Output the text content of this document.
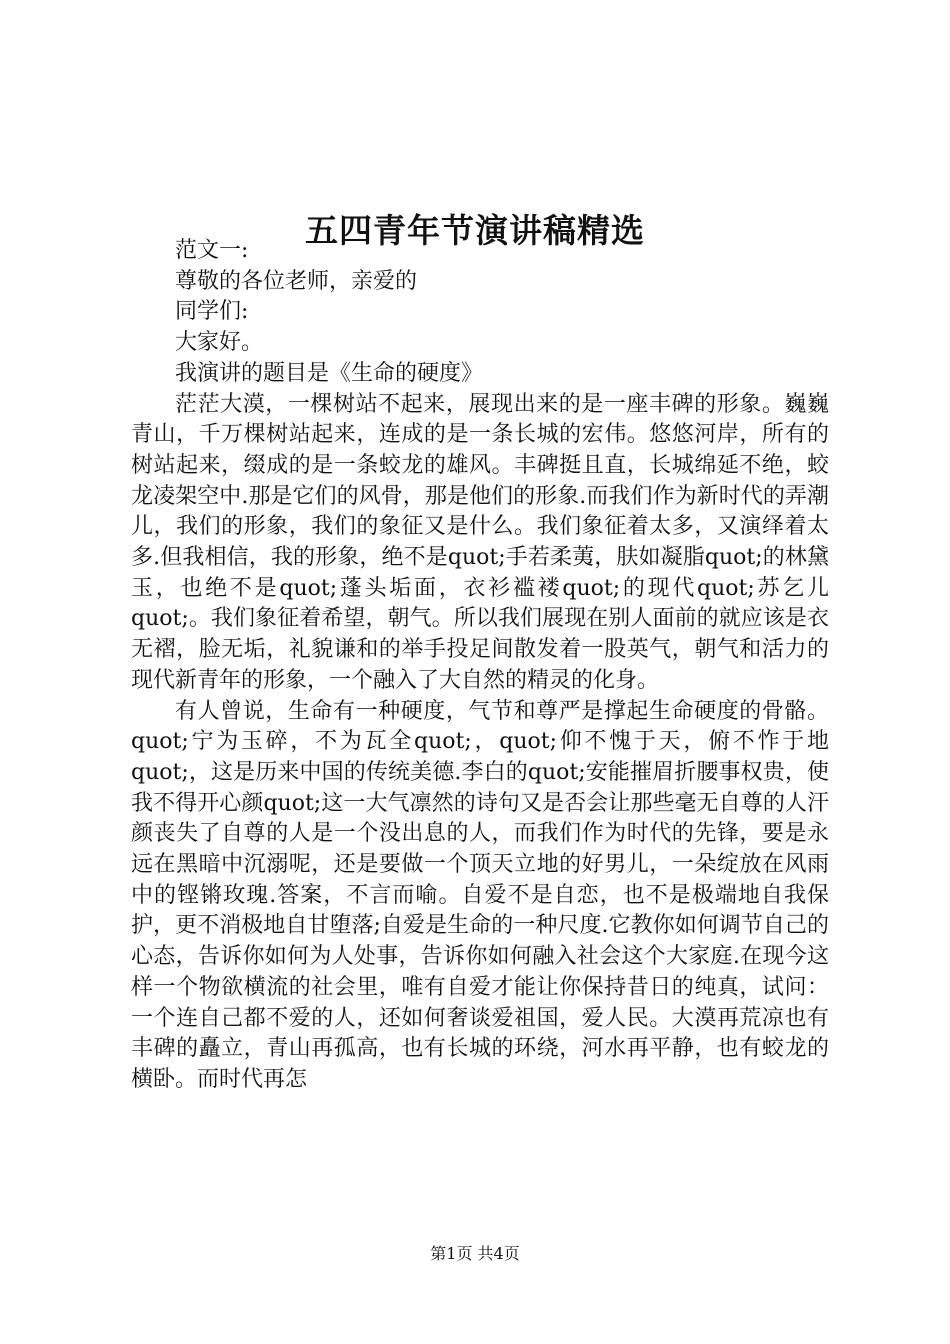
五四青年节演讲稿精选

范文一:

尊敬的各位老师，亲爱的

同学们:

大家好。

我演讲的题目是《生命的硬度》

茫茫大漠，一棵树站不起来，展现出来的是一座丰碑的形象。巍巍青山，千万棵树站起来，连成的是一条长城的宏伟。悠悠河岸，所有的树站起来，缀成的是一条蛟龙的雄风。丰碑挺且直，长城绵延不绝，蛟龙凌架空中.那是它们的风骨，那是他们的形象.而我们作为新时代的弄潮儿，我们的形象，我们的象征又是什么。我们象征着太多，又演绎着太多.但我相信，我的形象，绝不是quot;手若柔荑，肤如凝脂quot;的林黛玉，也绝不是quot;蓬头垢面，衣衫褴褛quot;的现代quot;苏乞儿quot;。我们象征着希望，朝气。所以我们展现在别人面前的就应该是衣无褶，脸无垢，礼貌谦和的举手投足间散发着一股英气，朝气和活力的现代新青年的形象，一个融入了大自然的精灵的化身。

有人曾说，生命有一种硬度，气节和尊严是撑起生命硬度的骨骼。quot;宁为玉碎，不为瓦全quot;，quot;仰不愧于天，俯不怍于地quot;，这是历来中国的传统美德.李白的quot;安能摧眉折腰事权贵，使我不得开心颜quot;这一大气凛然的诗句又是否会让那些毫无自尊的人汗颜丧失了自尊的人是一个没出息的人，而我们作为时代的先锋，要是永远在黑暗中沉溺呢，还是要做一个顶天立地的好男儿，一朵绽放在风雨中的铿锵玫瑰.答案，不言而喻。自爱不是自恋，也不是极端地自我保护，更不消极地自甘堕落;自爱是生命的一种尺度.它教你如何调节自己的心态，告诉你如何为人处事，告诉你如何融入社会这个大家庭.在现今这样一个物欲横流的社会里，唯有自爱才能让你保持昔日的纯真，试问：一个连自己都不爱的人，还如何奢谈爱祖国，爱人民。大漠再荒凉也有丰碑的矗立，青山再孤高，也有长城的环绕，河水再平静，也有蛟龙的横卧。而时代再怎

第1页 共4页
